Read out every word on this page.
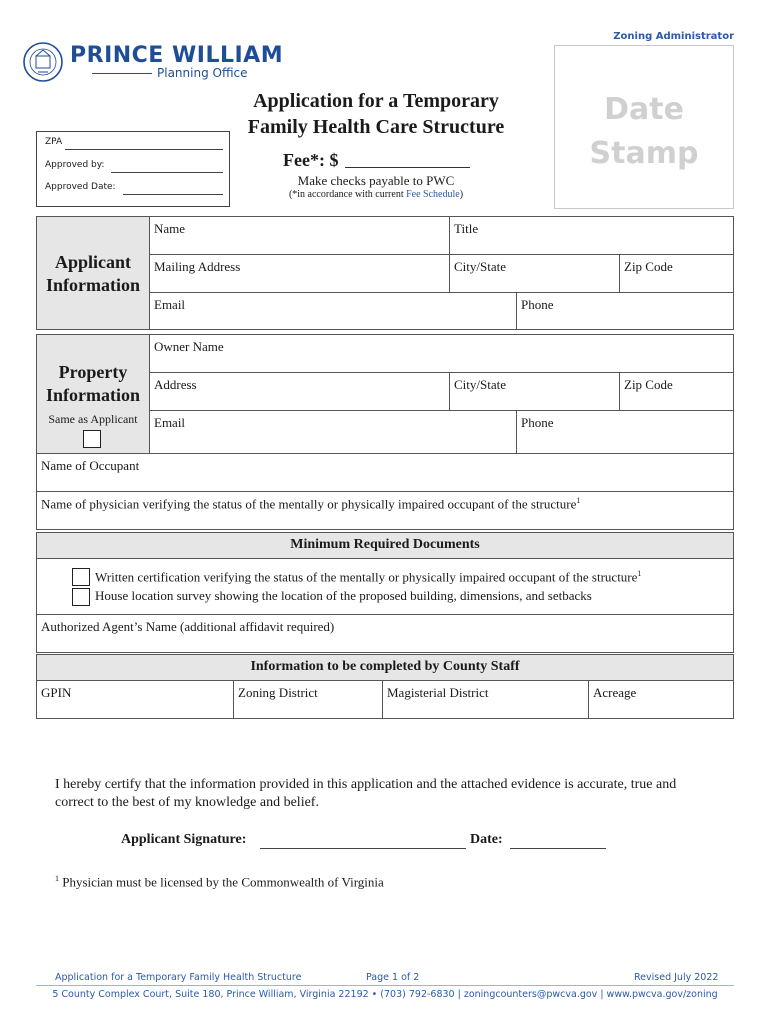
Zoning Administrator
PRINCE WILLIAM
Planning Office
Application for a Temporary
Family Health Care Structure
Fee*: $
Make checks payable to PWC
(*in accordance with current Fee Schedule)
ZPA
Approved by:
Approved Date:
Date
Stamp
Applicant
Information
Name	Title
Mailing Address	City/State	Zip Code
Email	Phone
Property
Information
Same as Applicant
Owner Name
Address	City/State	Zip Code
Email	Phone
Name of Occupant
Name of physician verifying the status of the mentally or physically impaired occupant of the structure$^1$
Minimum Required Documents
Written certification verifying the status of the mentally or physically impaired occupant of the structure$^1$
House location survey showing the location of the proposed building, dimensions, and setbacks
Authorized Agent’s Name (additional affidavit required)
Information to be completed by County Staff
GPIN	Zoning District	Magisterial District	Acreage
I hereby certify that the information provided in this application and the attached evidence is accurate, true and correct to the best of my knowledge and belief.
Applicant Signature:	Date:
$^1$ Physician must be licensed by the Commonwealth of Virginia
Application for a Temporary Family Health Structure	Page 1 of 2	Revised July 2022
5 County Complex Court, Suite 180, Prince William, Virginia 22192 • (703) 792-6830 | zoningcounters@pwcva.gov | www.pwcva.gov/zoning
